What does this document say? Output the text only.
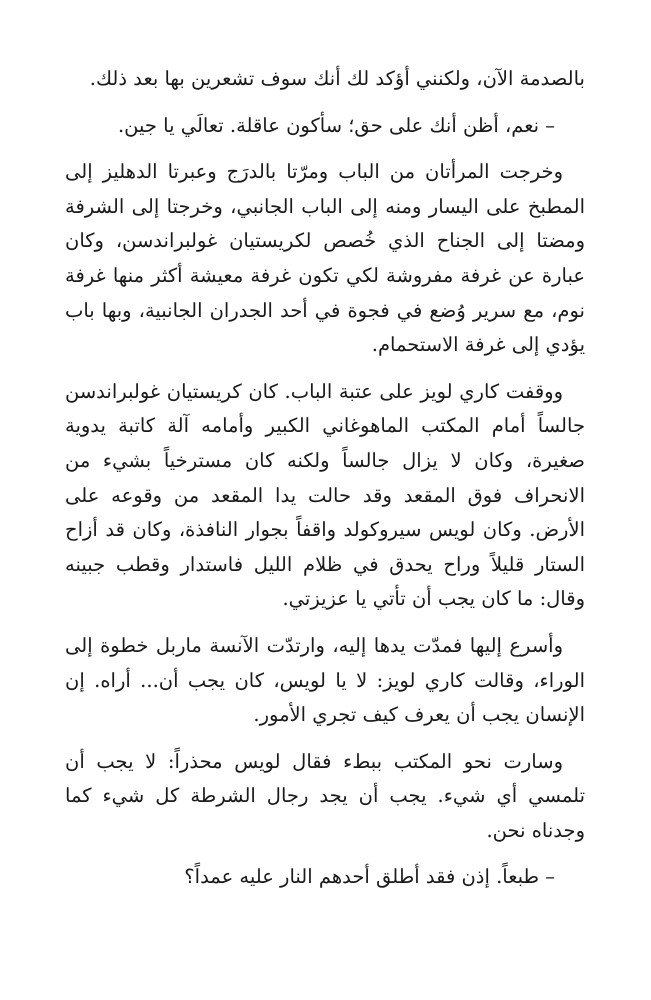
بالصدمة الآن، ولكنني أؤكد لك أنك سوف تشعرين بها بعد ذلك.

– نعم، أظن أنك على حق؛ سأكون عاقلة. تعالَي يا جين.

وخرجت المرأتان من الباب ومرّتا بالدرَج وعبرتا الدهليز إلى المطبخ على اليسار ومنه إلى الباب الجانبي، وخرجتا إلى الشرفة ومضتا إلى الجناح الذي خُصص لكريستيان غولبراندسن، وكان عبارة عن غرفة مفروشة لكي تكون غرفة معيشة أكثر منها غرفة نوم، مع سرير وُضع في فجوة في أحد الجدران الجانبية، وبها باب يؤدي إلى غرفة الاستحمام.

ووقفت كاري لويز على عتبة الباب. كان كريستيان غولبراندسن جالساً أمام المكتب الماهوغاني الكبير وأمامه آلة كاتبة يدوية صغيرة، وكان لا يزال جالساً ولكنه كان مسترخياً بشيء من الانحراف فوق المقعد وقد حالت يدا المقعد من وقوعه على الأرض. وكان لويس سيروكولد واقفاً بجوار النافذة، وكان قد أزاح الستار قليلاً وراح يحدق في ظلام الليل فاستدار وقطب جبينه وقال: ما كان يجب أن تأتي يا عزيزتي.

وأسرع إليها فمدّت يدها إليه، وارتدّت الآنسة ماربل خطوة إلى الوراء، وقالت كاري لويز: لا يا لويس، كان يجب أن... أراه. إن الإنسان يجب أن يعرف كيف تجري الأمور.

وسارت نحو المكتب ببطء فقال لويس محذراً: لا يجب أن تلمسي أي شيء. يجب أن يجد رجال الشرطة كل شيء كما وجدناه نحن.

– طبعاً. إذن فقد أطلق أحدهم النار عليه عمداً؟
